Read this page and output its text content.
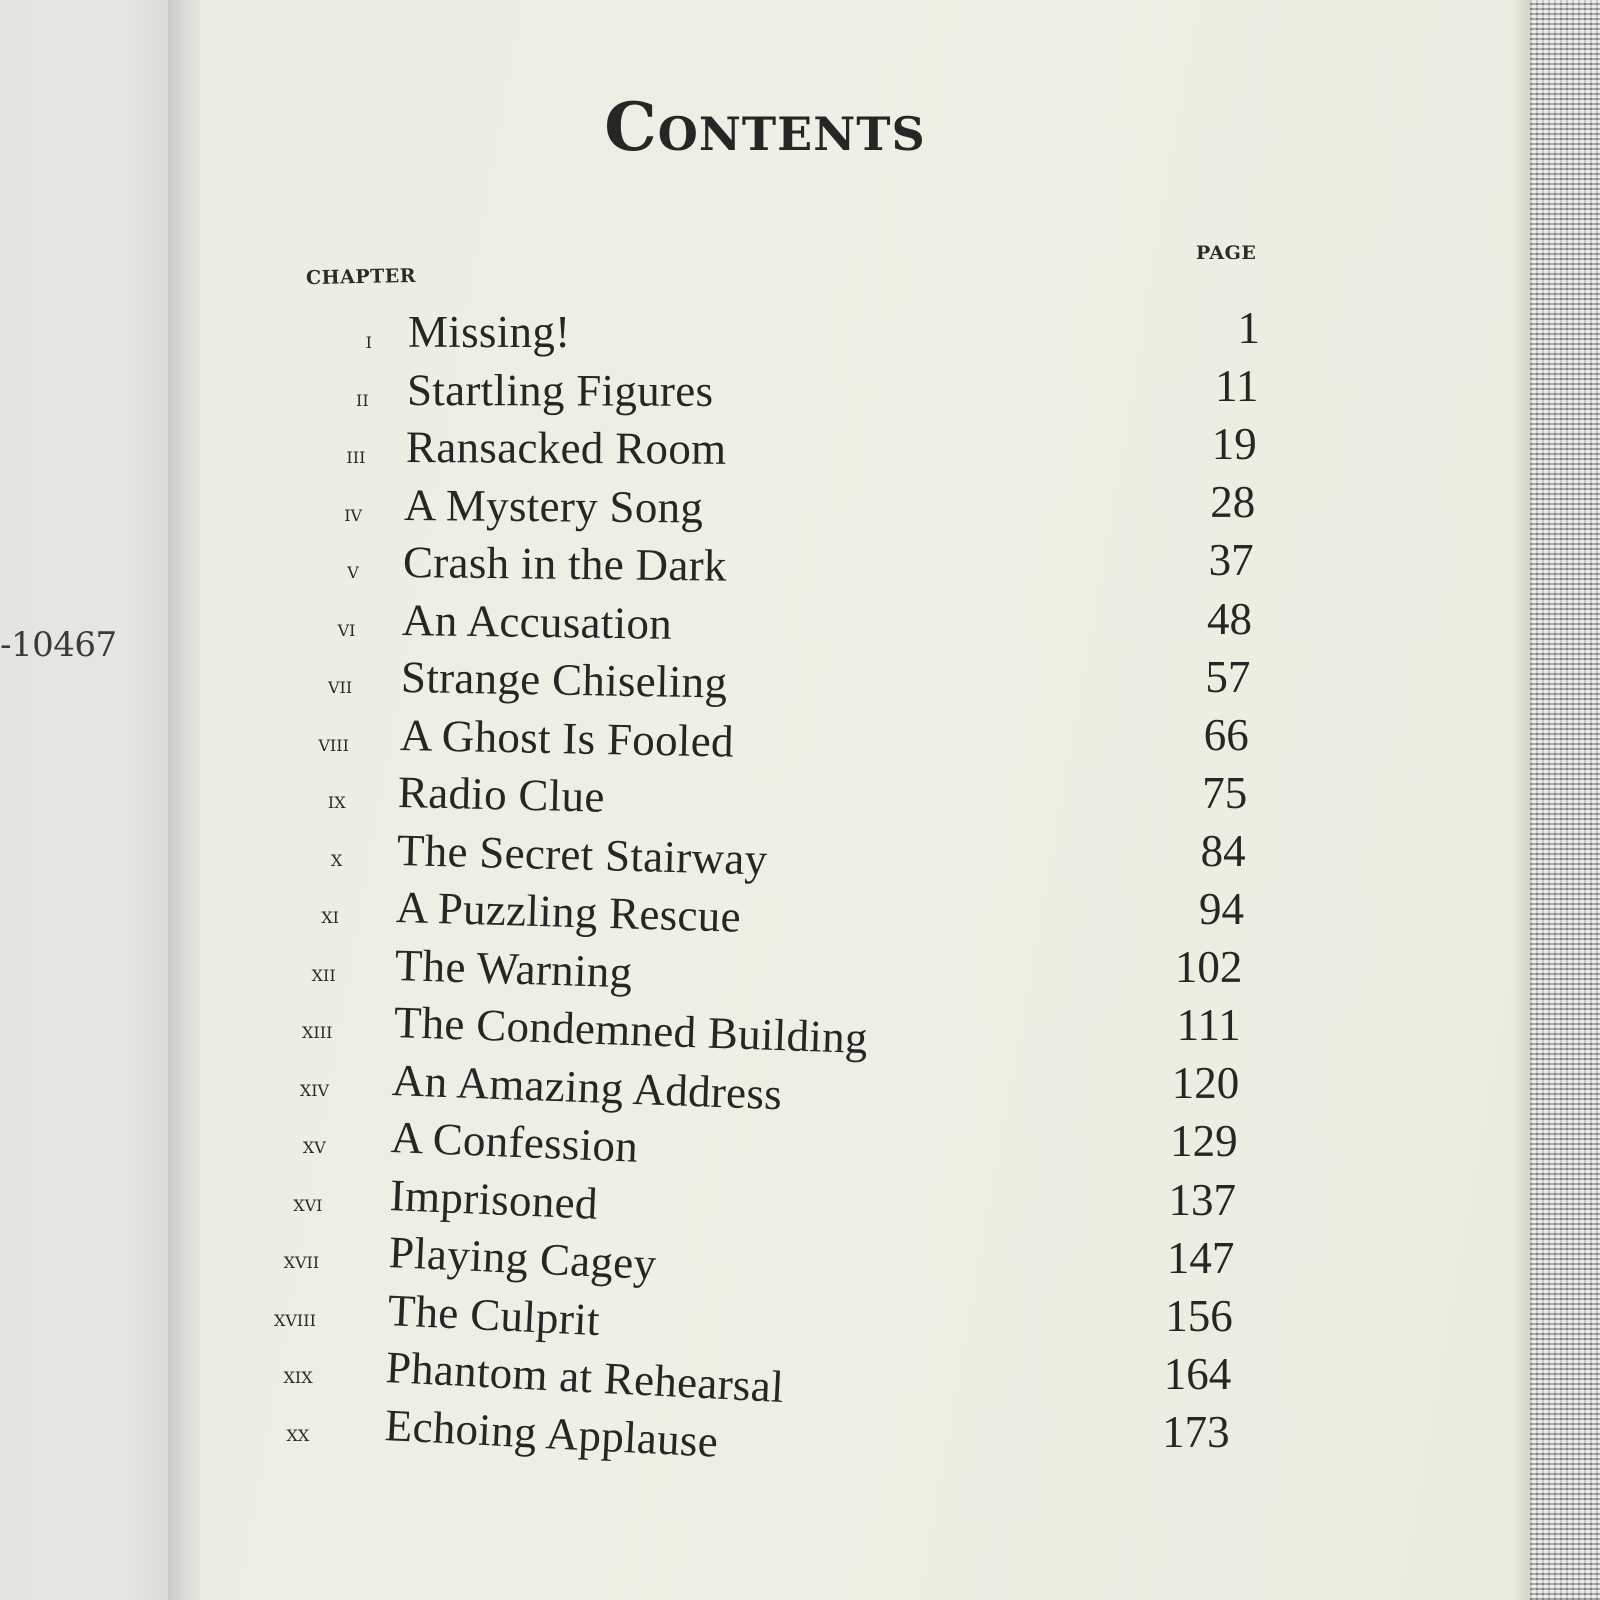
-10467
Contents
CHAPTER
PAGE
i Missing!	1
ii Startling Figures	11
iii Ransacked Room	19
iv A Mystery Song	28
v Crash in the Dark	37
vi An Accusation	48
vii Strange Chiseling	57
viii A Ghost Is Fooled	66
ix Radio Clue	75
x The Secret Stairway	84
xi A Puzzling Rescue	94
xii The Warning	102
xiii The Condemned Building	111
xiv An Amazing Address	120
xv A Confession	129
xvi Imprisoned	137
xvii Playing Cagey	147
xviii The Culprit	156
xix Phantom at Rehearsal	164
xx Echoing Applause	173
